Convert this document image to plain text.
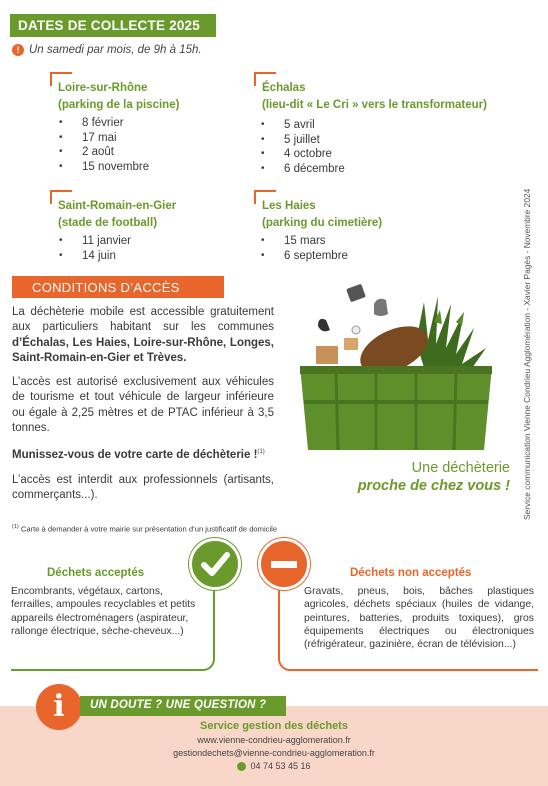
DATES DE COLLECTE 2025
! Un samedi par mois, de 9h à 15h.
Loire-sur-Rhône
(parking de la piscine)
• 8 février
• 17 mai
• 2 août
• 15 novembre
Échalas
(lieu-dit « Le Cri » vers le transformateur)
• 5 avril
• 5 juillet
• 4 octobre
• 6 décembre
Saint-Romain-en-Gier
(stade de football)
• 11 janvier
• 14 juin
Les Haies
(parking du cimetière)
• 15 mars
• 6 septembre
CONDITIONS D’ACCÈS

La déchèterie mobile est accessible gratuitement aux particuliers habitant sur les communes d’Échalas, Les Haies, Loire-sur-Rhône, Longes, Saint-Romain-en-Gier et Trèves.

L’accès est autorisé exclusivement aux véhicules de tourisme et tout véhicule de largeur inférieure ou égale à 2,25 mètres et de PTAC inférieur à 3,5 tonnes.

Munissez-vous de votre carte de déchèterie !$^{(1)}$

L’accès est interdit aux professionnels (artisants, commerçants...).

$^{(1)}$ Carte à demander à votre mairie sur présentation d’un justificatif de domicile
Une déchèterie
proche de chez vous ! Service communication Vienne Condrieu Agglomération - Xavier Pagès - Novembre 2024
Déchets acceptés
Encombrants, végétaux, cartons, ferrailles, ampoules recyclables et petits appareils électroménagers (aspirateur, rallonge électrique, sèche-cheveux...)
Déchets non acceptés
Gravats, pneus, bois, bâches plastiques agricoles, déchets spéciaux (huiles de vidange, peintures, batteries, produits toxiques), gros équipements électriques ou électroniques (réfrigérateur, gazinière, écran de télévision...)
i	UN DOUTE ? UNE QUESTION ?
Service gestion des déchets
www.vienne-condrieu-agglomeration.fr
gestiondechets@vienne-condrieu-agglomeration.fr
04 74 53 45 16
